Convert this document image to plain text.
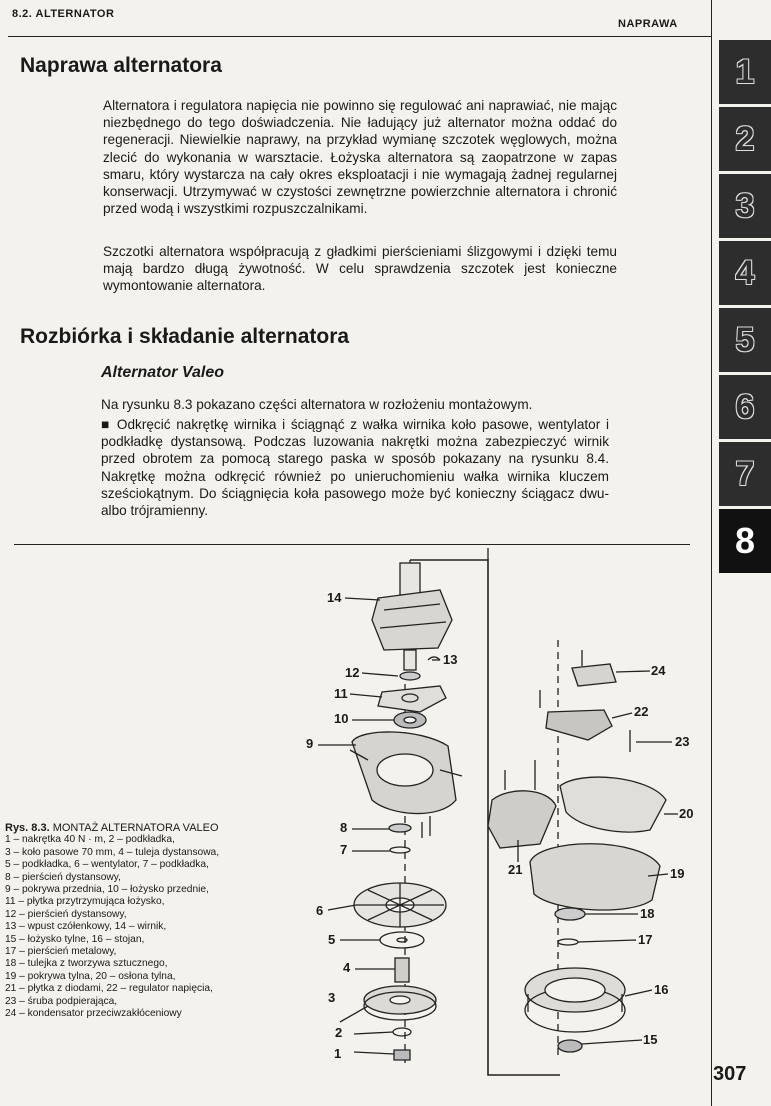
8.2. ALTERNATOR
NAPRAWA
Naprawa alternatora

Alternatora i regulatora napięcia nie powinno się regulować ani naprawiać, nie mając niezbędnego do tego doświadczenia. Nie ładujący już alternator można oddać do regeneracji. Niewielkie naprawy, na przykład wymianę szczotek węglowych, można zlecić do wykonania w warsztacie. Łożyska alternatora są zaopatrzone w zapas smaru, który wystarcza na cały okres eksploatacji i nie wymagają żadnej regularnej konserwacji. Utrzymywać w czystości zewnętrzne powierzchnie alternatora i chronić przed wodą i wszystkimi rozpuszczalnikami.

Szczotki alternatora współpracują z gładkimi pierścieniami ślizgowymi i dzięki temu mają bardzo długą żywotność. W celu sprawdzenia szczotek jest konieczne wymontowanie alternatora.

Rozbiórka i składanie alternatora
Alternator Valeo

Na rysunku 8.3 pokazano części alternatora w rozłożeniu montażowym.

■ Odkręcić nakrętkę wirnika i ściągnąć z wałka wirnika koło pasowe, wentylator i podkładkę dystansową. Podczas luzowania nakrętki można zabezpieczyć wirnik przed obrotem za pomocą starego paska w sposób pokazany na rysunku 8.4. Nakrętkę można odkręcić również po unieruchomieniu wałka wirnika kluczem sześciokątnym. Do ściągnięcia koła pasowego może być konieczny ściągacz dwu- albo trójramienny.

1
2
3
4
5
6
7
8
1
2
3
4
5
6
7
8
9
10
11
12
13
14
15
16
17
18
19
20
21
22
23
24
Rys. 8.3. MONTAŻ ALTERNATORA VALEO
1 – nakrętka 40 N · m, 2 – podkładka,
3 – koło pasowe 70 mm, 4 – tuleja dystansowa,
5 – podkładka, 6 – wentylator, 7 – podkładka,
8 – pierścień dystansowy,
9 – pokrywa przednia, 10 – łożysko przednie,
11 – płytka przytrzymująca łożysko,
12 – pierścień dystansowy,
13 – wpust czółenkowy, 14 – wirnik,
15 – łożysko tylne, 16 – stojan,
17 – pierścień metalowy,
18 – tulejka z tworzywa sztucznego,
19 – pokrywa tylna, 20 – osłona tylna,
21 – płytka z diodami, 22 – regulator napięcia,
23 – śruba podpierająca,
24 – kondensator przeciwzakłóceniowy
307
